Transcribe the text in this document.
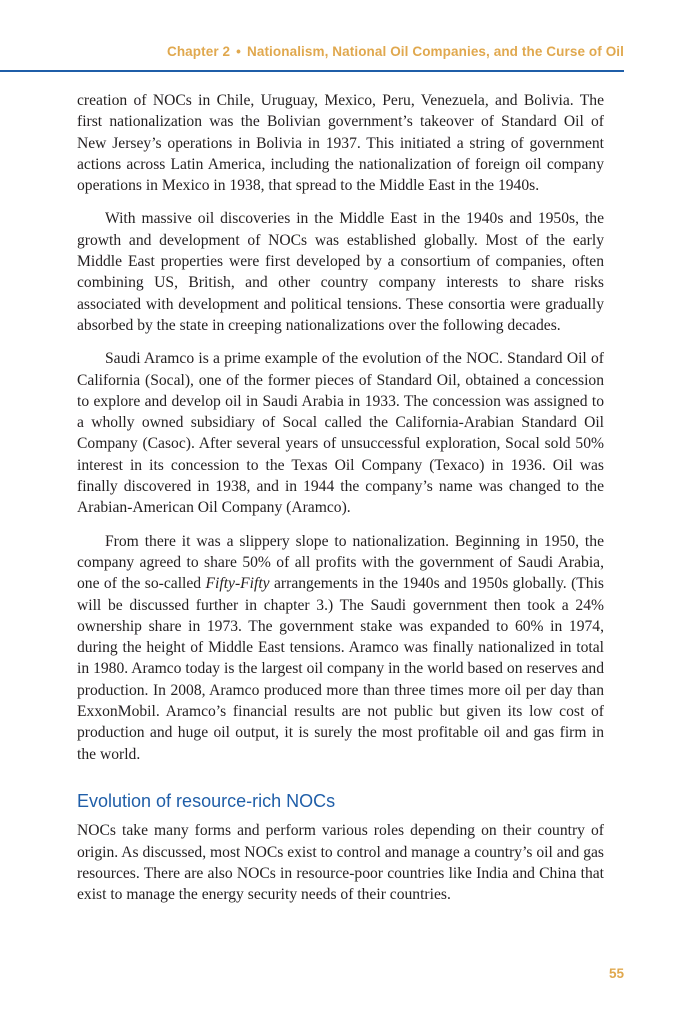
Chapter 2 • Nationalism, National Oil Companies, and the Curse of Oil

creation of NOCs in Chile, Uruguay, Mexico, Peru, Venezuela, and Bolivia. The first nationalization was the Bolivian government’s takeover of Standard Oil of New Jersey’s operations in Bolivia in 1937. This initiated a string of government actions across Latin America, including the nationalization of foreign oil company operations in Mexico in 1938, that spread to the Middle East in the 1940s.

With massive oil discoveries in the Middle East in the 1940s and 1950s, the growth and development of NOCs was established globally. Most of the early Middle East properties were first developed by a consortium of companies, often combining US, British, and other country company interests to share risks associated with development and political tensions. These consortia were gradually absorbed by the state in creeping nationalizations over the following decades.

Saudi Aramco is a prime example of the evolution of the NOC. Standard Oil of California (Socal), one of the former pieces of Standard Oil, obtained a concession to explore and develop oil in Saudi Arabia in 1933. The concession was assigned to a wholly owned subsidiary of Socal called the California-Arabian Standard Oil Company (Casoc). After several years of unsuccessful exploration, Socal sold 50% interest in its concession to the Texas Oil Company (Texaco) in 1936. Oil was finally discovered in 1938, and in 1944 the company’s name was changed to the Arabian-American Oil Company (Aramco).

From there it was a slippery slope to nationalization. Beginning in 1950, the company agreed to share 50% of all profits with the government of Saudi Arabia, one of the so-called Fifty-Fifty arrangements in the 1940s and 1950s globally. (This will be discussed further in chapter 3.) The Saudi government then took a 24% ownership share in 1973. The government stake was expanded to 60% in 1974, during the height of Middle East tensions. Aramco was finally nationalized in total in 1980. Aramco today is the largest oil company in the world based on reserves and production. In 2008, Aramco produced more than three times more oil per day than ExxonMobil. Aramco’s financial results are not public but given its low cost of production and huge oil output, it is surely the most profitable oil and gas firm in the world.

Evolution of resource-rich NOCs

NOCs take many forms and perform various roles depending on their country of origin. As discussed, most NOCs exist to control and manage a country’s oil and gas resources. There are also NOCs in resource-poor countries like India and China that exist to manage the energy security needs of their countries.

55
